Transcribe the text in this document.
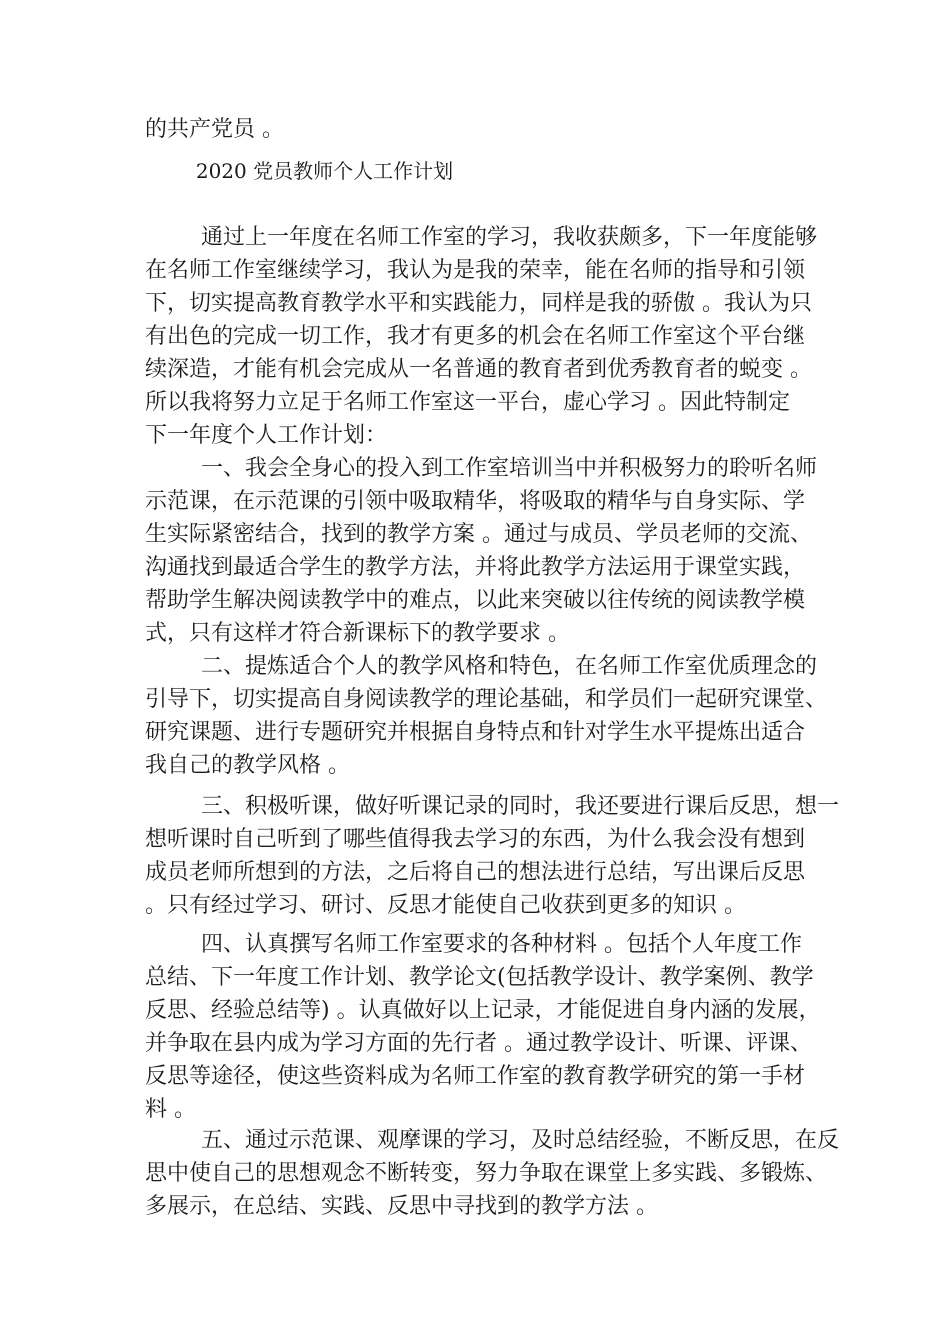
的共产党员 。
2020 党员教师个人工作计划
通过上一年度在名师工作室的学习，我收获颇多，下一年度能够
在名师工作室继续学习，我认为是我的荣幸，能在名师的指导和引领
下，切实提高教育教学水平和实践能力，同样是我的骄傲 。我认为只
有出色的完成一切工作，我才有更多的机会在名师工作室这个平台继
续深造，才能有机会完成从一名普通的教育者到优秀教育者的蜕变 。
所以我将努力立足于名师工作室这一平台，虚心学习 。因此特制定
下一年度个人工作计划：
一、我会全身心的投入到工作室培训当中并积极努力的聆听名师
示范课，在示范课的引领中吸取精华，将吸取的精华与自身实际、学
生实际紧密结合，找到的教学方案 。通过与成员、学员老师的交流、
沟通找到最适合学生的教学方法，并将此教学方法运用于课堂实践，
帮助学生解决阅读教学中的难点，以此来突破以往传统的阅读教学模
式，只有这样才符合新课标下的教学要求 。
二、提炼适合个人的教学风格和特色，在名师工作室优质理念的
引导下，切实提高自身阅读教学的理论基础，和学员们一起研究课堂、
研究课题、进行专题研究并根据自身特点和针对学生水平提炼出适合
我自己的教学风格 。
三、积极听课，做好听课记录的同时，我还要进行课后反思，想一
想听课时自己听到了哪些值得我去学习的东西，为什么我会没有想到
成员老师所想到的方法，之后将自己的想法进行总结，写出课后反思
。只有经过学习、研讨、反思才能使自己收获到更多的知识 。
四、认真撰写名师工作室要求的各种材料 。包括个人年度工作
总结、下一年度工作计划、教学论文(包括教学设计、教学案例、教学
反思、经验总结等) 。认真做好以上记录，才能促进自身内涵的发展，
并争取在县内成为学习方面的先行者 。通过教学设计、听课、评课、
反思等途径，使这些资料成为名师工作室的教育教学研究的第一手材
料 。
五、通过示范课、观摩课的学习，及时总结经验，不断反思，在反
思中使自己的思想观念不断转变，努力争取在课堂上多实践、多锻炼、
多展示，在总结、实践、反思中寻找到的教学方法 。
